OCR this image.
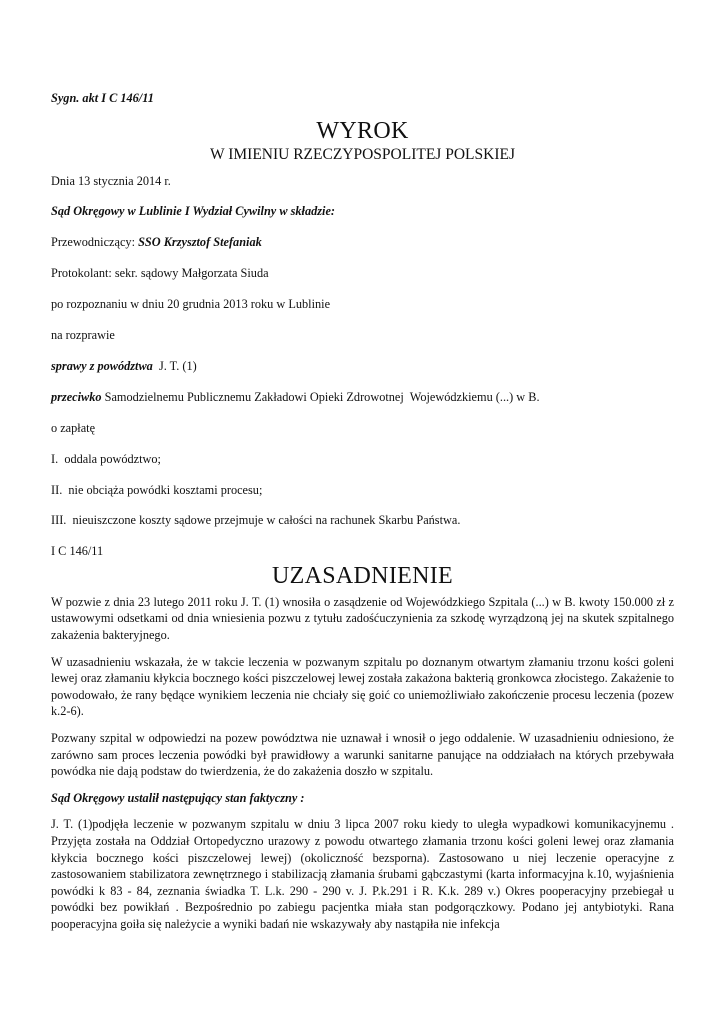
Sygn. akt I C 146/11

WYROK

W IMIENIU RZECZYPOSPOLITEJ POLSKIEJ

Dnia 13 stycznia 2014 r.

Sąd Okręgowy w Lublinie I Wydział Cywilny w składzie:

Przewodniczący: SSO Krzysztof Stefaniak

Protokolant: sekr. sądowy Małgorzata Siuda

po rozpoznaniu w dniu 20 grudnia 2013 roku w Lublinie

na rozprawie

sprawy z powództwa  J. T. (1)

przeciwko Samodzielnemu Publicznemu Zakładowi Opieki Zdrowotnej  Wojewódzkiemu (...) w B.

o zapłatę

I.  oddala powództwo;

II.  nie obciąża powódki kosztami procesu;

III.  nieuiszczone koszty sądowe przejmuje w całości na rachunek Skarbu Państwa.

I C 146/11

UZASADNIENIE

W pozwie z dnia 23 lutego 2011 roku J. T. (1) wnosiła o zasądzenie od Wojewódzkiego Szpitala (...) w B. kwoty 150.000 zł z ustawowymi odsetkami od dnia wniesienia pozwu z tytułu zadośćuczynienia za szkodę wyrządzoną jej na skutek szpitalnego zakażenia bakteryjnego.

W uzasadnieniu wskazała, że w takcie leczenia w pozwanym szpitalu po doznanym otwartym złamaniu trzonu kości goleni lewej oraz złamaniu kłykcia bocznego kości piszczelowej lewej została zakażona bakterią gronkowca złocistego. Zakażenie to powodowało, że rany będące wynikiem leczenia nie chciały się goić co uniemożliwiało zakończenie procesu leczenia (pozew k.2-6).

Pozwany szpital w odpowiedzi na pozew powództwa nie uznawał i wnosił o jego oddalenie. W uzasadnieniu odniesiono, że zarówno sam proces leczenia powódki był prawidłowy a warunki sanitarne panujące na oddziałach na których przebywała powódka nie dają podstaw do twierdzenia, że do zakażenia doszło w szpitalu.

Sąd Okręgowy ustalił następujący stan faktyczny :

J. T. (1)podjęła leczenie w pozwanym szpitalu w dniu 3 lipca 2007 roku kiedy to uległa wypadkowi komunikacyjnemu . Przyjęta została na Oddział Ortopedyczno urazowy z powodu otwartego złamania trzonu kości goleni lewej oraz złamania kłykcia bocznego kości piszczelowej lewej) (okoliczność bezsporna). Zastosowano u niej leczenie operacyjne z zastosowaniem stabilizatora zewnętrznego i stabilizacją złamania śrubami gąbczastymi (karta informacyjna k.10, wyjaśnienia powódki k 83 - 84, zeznania świadka T. L.k. 290 - 290 v. J. P.k.291 i R. K.k. 289 v.) Okres pooperacyjny przebiegał u powódki bez powikłań . Bezpośrednio po zabiegu pacjentka miała stan podgorączkowy. Podano jej antybiotyki. Rana pooperacyjna goiła się należycie a wyniki badań nie wskazywały aby nastąpiła nie infekcja
